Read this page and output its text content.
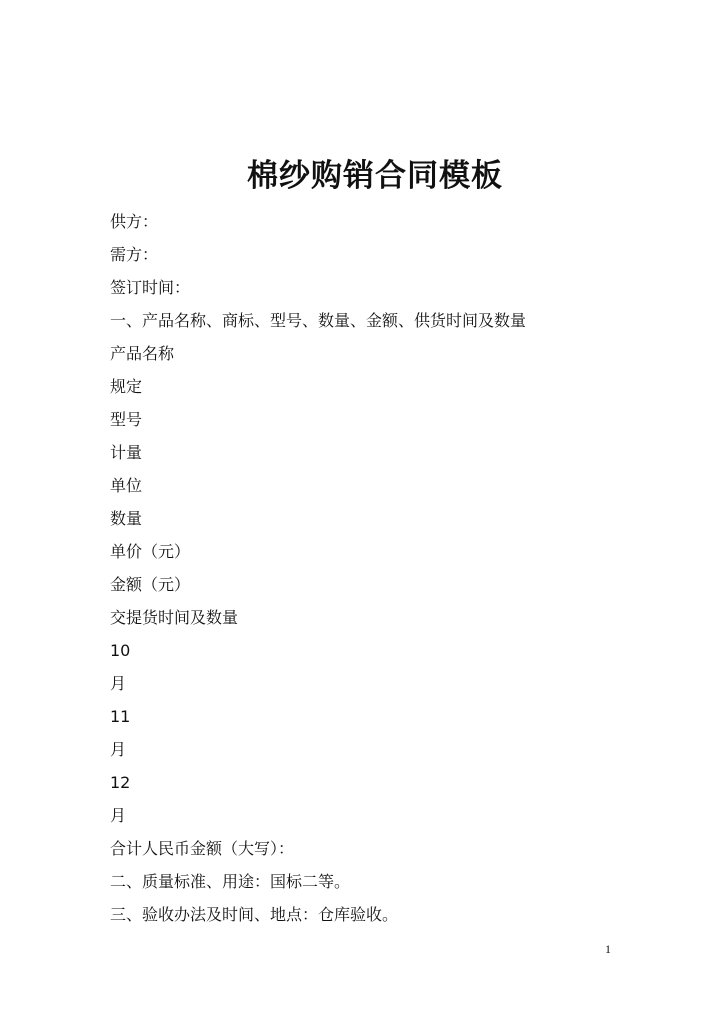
棉纱购销合同模板
供方：
需方：
签订时间：
一、产品名称、商标、型号、数量、金额、供货时间及数量
产品名称
规定
型号
计量
单位
数量
单价（元）
金额（元）
交提货时间及数量
10
月
11
月
12
月
合计人民币金额（大写）：
二、质量标准、用途：国标二等。
三、验收办法及时间、地点：仓库验收。
1
